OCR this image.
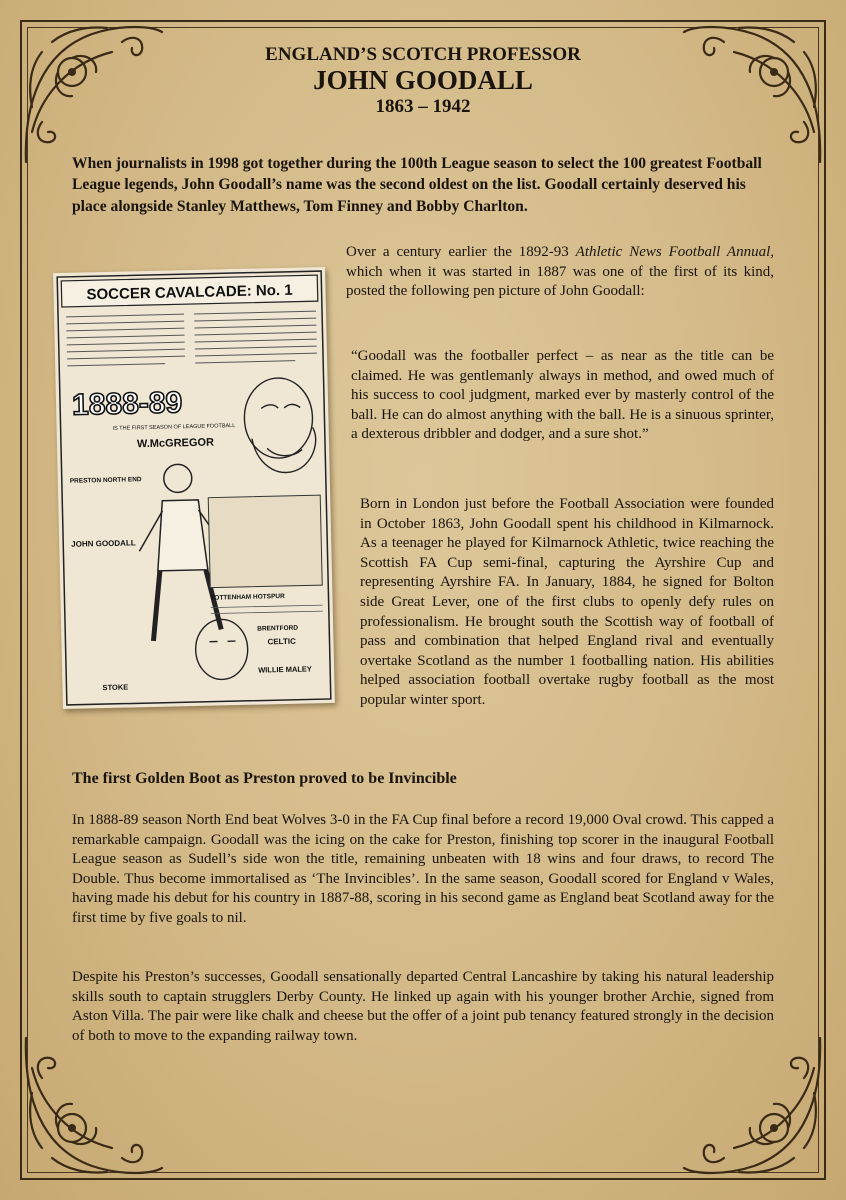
ENGLAND’S SCOTCH PROFESSOR
JOHN GOODALL
1863 – 1942

When journalists in 1998 got together during the 100th League season to select the 100 greatest Football League legends, John Goodall’s name was the second oldest on the list. Goodall certainly deserved his place alongside Stanley Matthews, Tom Finney and Bobby Charlton.

SOCCER CAVALCADE: No. 1
1888-89
IS THE FIRST SEASON OF LEAGUE FOOTBALL
W.McGREGOR
PRESTON NORTH END
JOHN GOODALL
TOTTENHAM HOTSPUR
BRENTFORD
CELTIC
WILLIE MALEY
STOKE

Over a century earlier the 1892-93 Athletic News Football Annual, which when it was started in 1887 was one of the first of its kind, posted the following pen picture of John Goodall:

“Goodall was the footballer perfect – as near as the title can be claimed. He was gentlemanly always in method, and owed much of his success to cool judgment, marked ever by masterly control of the ball. He can do almost anything with the ball. He is a sinuous sprinter, a dexterous dribbler and dodger, and a sure shot.”

Born in London just before the Football Association were founded in October 1863, John Goodall spent his childhood in Kilmarnock. As a teenager he played for Kilmarnock Athletic, twice reaching the Scottish FA Cup semi-final, capturing the Ayrshire Cup and representing Ayrshire FA. In January, 1884, he signed for Bolton side Great Lever, one of the first clubs to openly defy rules on professionalism. He brought south the Scottish way of football of pass and combination that helped England rival and eventually overtake Scotland as the number 1 footballing nation. His abilities helped association football overtake rugby football as the most popular winter sport.

The first Golden Boot as Preston proved to be Invincible

In 1888-89 season North End beat Wolves 3-0 in the FA Cup final before a record 19,000 Oval crowd. This capped a remarkable campaign. Goodall was the icing on the cake for Preston, finishing top scorer in the inaugural Football League season as Sudell’s side won the title, remaining unbeaten with 18 wins and four draws, to record The Double. Thus become immortalised as ‘The Invincibles’. In the same season, Goodall scored for England v Wales, having made his debut for his country in 1887-88, scoring in his second game as England beat Scotland away for the first time by five goals to nil.

Despite his Preston’s successes, Goodall sensationally departed Central Lancashire by taking his natural leadership skills south to captain strugglers Derby County. He linked up again with his younger brother Archie, signed from Aston Villa. The pair were like chalk and cheese but the offer of a joint pub tenancy featured strongly in the decision of both to move to the expanding railway town.
